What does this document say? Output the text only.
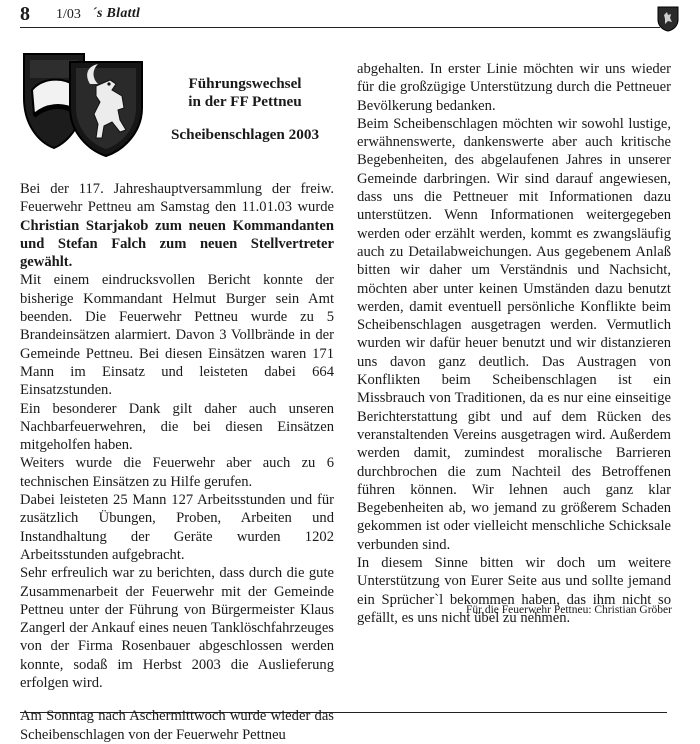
8 1/03 ´s Blattl
Führungswechsel
in der FF Pettneu
Scheibenschlagen 2003

Bei der 117. Jahreshauptversammlung der freiw. Feuerwehr Pettneu am Samstag den 11.01.03 wurde Christian Starjakob zum neuen Kommandanten und Stefan Falch zum neuen Stellvertreter gewählt.

Mit einem eindrucksvollen Bericht konnte der bisherige Kommandant Helmut Burger sein Amt beenden. Die Feuerwehr Pettneu wurde zu 5 Brandeinsätzen alarmiert. Davon 3 Vollbrände in der Gemeinde Pettneu. Bei diesen Einsätzen waren 171 Mann im Einsatz und leisteten dabei 664 Einsatzstunden.

Ein besonderer Dank gilt daher auch unseren Nachbarfeuerwehren, die bei diesen Einsätzen mitgeholfen haben.

Weiters wurde die Feuerwehr aber auch zu 6 technischen Einsätzen zu Hilfe gerufen.

Dabei leisteten 25 Mann 127 Arbeitsstunden und für zusätzlich Übungen, Proben, Arbeiten und Instandhaltung der Geräte wurden 1202 Arbeitsstunden aufgebracht.

Sehr erfreulich war zu berichten, dass durch die gute Zusammenarbeit der Feuerwehr mit der Gemeinde Pettneu unter der Führung von Bürgermeister Klaus Zangerl der Ankauf eines neuen Tanklöschfahrzeuges von der Firma Rosenbauer abgeschlossen werden konnte, sodaß im Herbst 2003 die Auslieferung erfolgen wird.

Am Sonntag nach Aschermittwoch wurde wieder das Scheibenschlagen von der Feuerwehr Pettneu

abgehalten. In erster Linie möchten wir uns wieder für die großzügige Unterstützung durch die Pettneuer Bevölkerung bedanken.

Beim Scheibenschlagen möchten wir sowohl lustige, erwähnenswerte, dankenswerte aber auch kritische Begebenheiten, des abgelaufenen Jahres in unserer Gemeinde darbringen. Wir sind darauf angewiesen, dass uns die Pettneuer mit Informationen dazu unterstützen. Wenn Informationen weitergegeben werden oder erzählt werden, kommt es zwangsläufig auch zu Detailabweichungen. Aus gegebenem Anlaß bitten wir daher um Verständnis und Nachsicht, möchten aber unter keinen Umständen dazu benutzt werden, damit eventuell persönliche Konflikte beim Scheibenschlagen ausgetragen werden. Vermutlich wurden wir dafür heuer benutzt und wir distanzieren uns davon ganz deutlich. Das Austragen von Konflikten beim Scheibenschlagen ist ein Missbrauch von Traditionen, da es nur eine einseitige Berichterstattung gibt und auf dem Rücken des veranstaltenden Vereins ausgetragen wird. Außerdem werden damit, zumindest moralische Barrieren durchbrochen die zum Nachteil des Betroffenen führen können. Wir lehnen auch ganz klar Begebenheiten ab, wo jemand zu größerem Schaden gekommen ist oder vielleicht menschliche Schicksale verbunden sind.

In diesem Sinne bitten wir doch um weitere Unterstützung von Eurer Seite aus und sollte jemand ein Sprücher`l bekommen haben, das ihm nicht so gefällt, es uns nicht übel zu nehmen.

Für die Feuerwehr Pettneu: Christian Gröber
